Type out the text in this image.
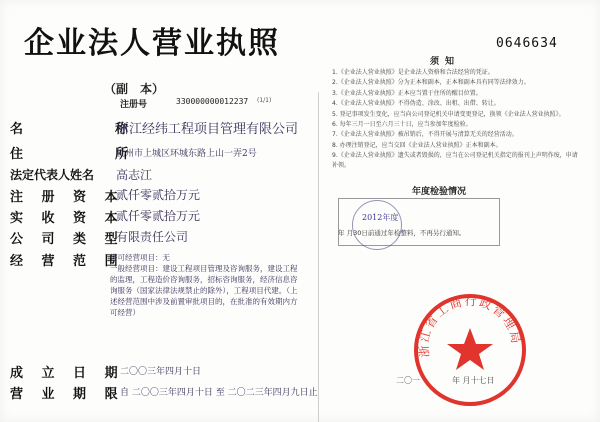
企业法人营业执照
（副　本）
注册号	330000000012237 (1/1)
0646634
名　　称
浙江经纬工程项目管理有限公司
住　　所
杭州市上城区环城东路上山一弄2号
法定代表人姓名 高志江
注 册 资 本
贰仟零贰拾万元
实 收 资 本
贰仟零贰拾万元
公 司 类 型
有限责任公司
经 营 范 围
许可经营项目：无
一般经营项目：建设工程项目管理及咨询服务，建设工程的监理，工程造价咨询服务，招标咨询服务，经济信息咨询服务（国家法律法规禁止的除外），工程项目代建。（上述经营范围中涉及前置审批项目的，在批准的有效期内方可经营）
成 立 日 期
二〇〇三年四月十日
营 业 期 限
自 二〇〇三年四月十日 至 二〇二三年四月九日止
须知

1.《企业法人营业执照》是企业法人资格和合法经营的凭证。

2.《企业法人营业执照》分为正本和副本，正本和副本具有同等法律效力。

3.《企业法人营业执照》正本应当置于住所的醒目位置。

4.《企业法人营业执照》不得伪造、涂改、出租、出借、转让。

5. 登记事项发生变化，应当向公司登记机关申请变更登记，换领《企业法人营业执照》。

6. 每年三月一日至六月三十日，应当参加年度检验。

7.《企业法人营业执照》被吊销后，不得开展与清算无关的经营活动。

8. 办理注销登记，应当交回《企业法人营业执照》正本和副本。

9.《企业法人营业执照》遗失或者毁损的，应当在公司登记机关指定的报刊上声明作废，申请补领。

年度检验情况
2012年度
年 月30日前通过年检整料，不再另行通知。
浙江省工商行政管理局
二〇一	年 月十七日
